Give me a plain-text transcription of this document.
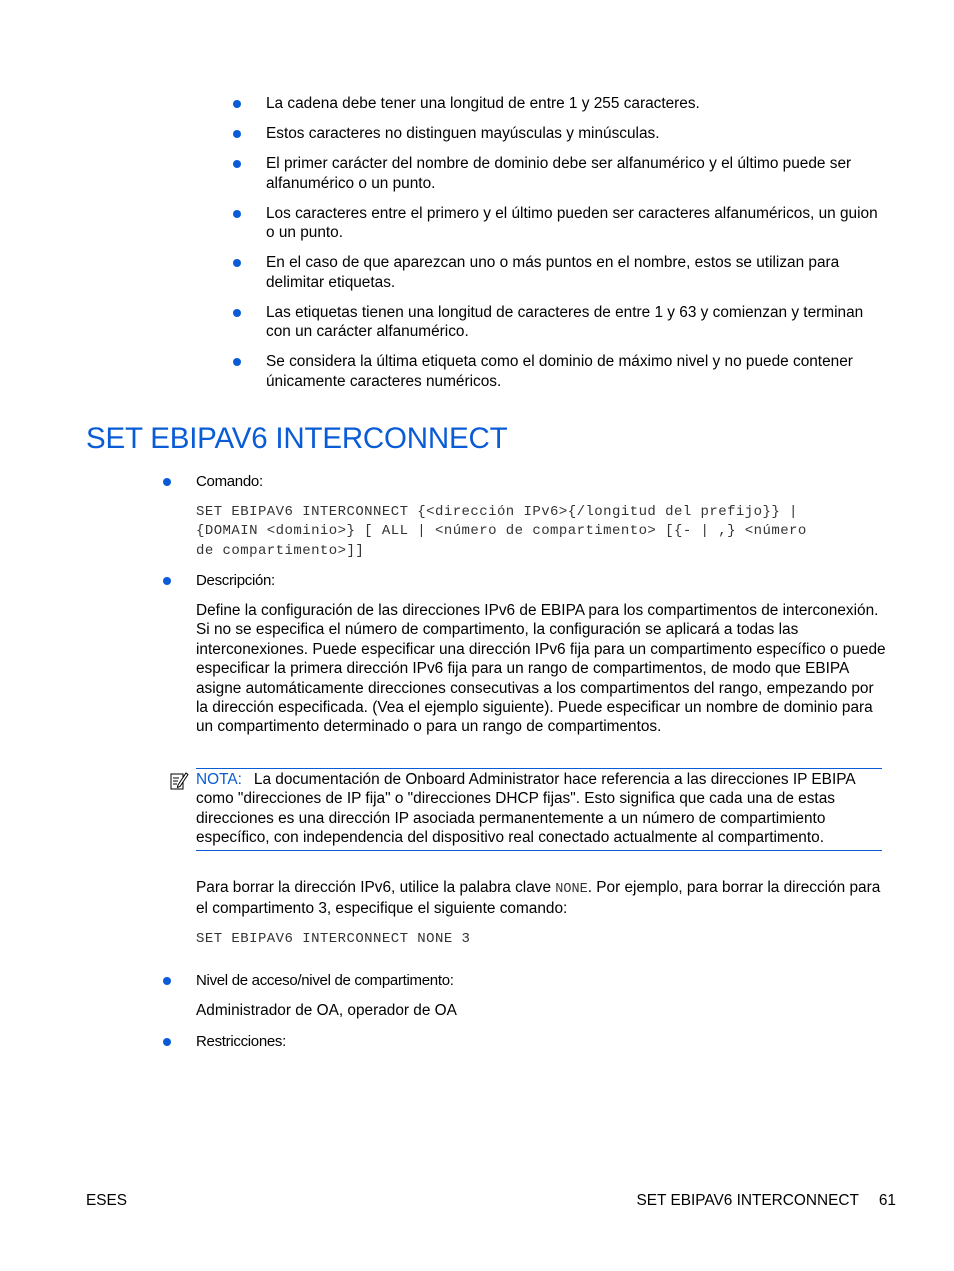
La cadena debe tener una longitud de entre 1 y 255 caracteres.
Estos caracteres no distinguen mayúsculas y minúsculas.
El primer carácter del nombre de dominio debe ser alfanumérico y el último puede ser alfanumérico o un punto.
Los caracteres entre el primero y el último pueden ser caracteres alfanuméricos, un guion o un punto.
En el caso de que aparezcan uno o más puntos en el nombre, estos se utilizan para delimitar etiquetas.
Las etiquetas tienen una longitud de caracteres de entre 1 y 63 y comienzan y terminan con un carácter alfanumérico.
Se considera la última etiqueta como el dominio de máximo nivel y no puede contener únicamente caracteres numéricos.
SET EBIPAV6 INTERCONNECT
Comando:
SET EBIPAV6 INTERCONNECT {<dirección IPv6>{/longitud del prefijo}} |
{DOMAIN <dominio>} [ ALL | <número de compartimento> [{- | ,} <número
de compartimento>]]
Descripción:
Define la configuración de las direcciones IPv6 de EBIPA para los compartimentos de interconexión. Si no se especifica el número de compartimento, la configuración se aplicará a todas las interconexiones. Puede especificar una dirección IPv6 fija para un compartimento específico o puede especificar la primera dirección IPv6 fija para un rango de compartimentos, de modo que EBIPA asigne automáticamente direcciones consecutivas a los compartimentos del rango, empezando por la dirección especificada. (Vea el ejemplo siguiente). Puede especificar un nombre de dominio para un compartimento determinado o para un rango de compartimentos.
NOTA: La documentación de Onboard Administrator hace referencia a las direcciones IP EBIPA como "direcciones de IP fija" o "direcciones DHCP fijas". Esto significa que cada una de estas direcciones es una dirección IP asociada permanentemente a un número de compartimiento específico, con independencia del dispositivo real conectado actualmente al compartimento.
Para borrar la dirección IPv6, utilice la palabra clave NONE. Por ejemplo, para borrar la dirección para el compartimento 3, especifique el siguiente comando:
SET EBIPAV6 INTERCONNECT NONE 3
Nivel de acceso/nivel de compartimento:
Administrador de OA, operador de OA
Restricciones:
ESES	SET EBIPAV6 INTERCONNECT 61
